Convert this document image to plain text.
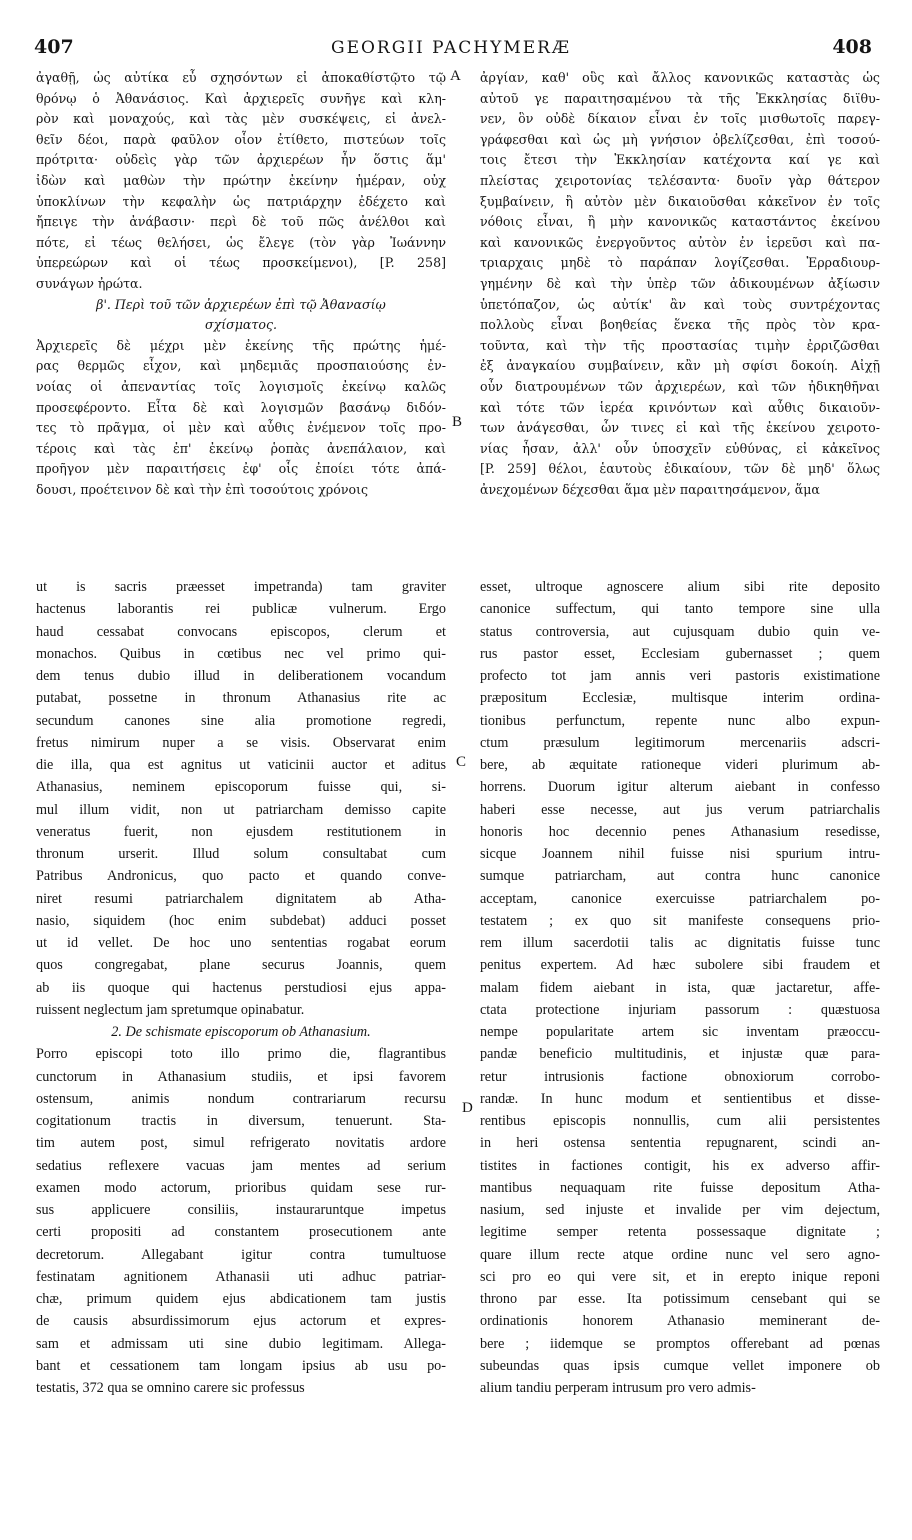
407	GEORGII PACHYMERÆ	408
ἀγαθῇ, ὡς αὐτίκα εὖ σχησόντων εἰ ἀποκαθίστῷτο τῷ
θρόνῳ ὁ Ἀθανάσιος. Καὶ ἀρχιερεῖς συνῆγε καὶ κλη-
ρὸν καὶ μοναχούς, καὶ τὰς μὲν συσκέψεις, εἰ ἀνελ-
θεῖν δέοι, παρὰ φαῦλον οἷον ἐτίθετο, πιστεύων τοῖς
πρότριτα· οὐδεὶς γὰρ τῶν ἀρχιερέων ἦν ὅστις ἅμ'
ἰδὼν καὶ μαθὼν τὴν πρώτην ἐκείνην ἡμέραν, οὐχ
ὑποκλίνων τὴν κεφαλὴν ὡς πατριάρχην ἐδέχετο καὶ
ἤπειγε τὴν ἀνάβασιν· περὶ δὲ τοῦ πῶς ἀνέλθοι καὶ
πότε, εἰ τέως θελήσει, ὡς ἔλεγε (τὸν γὰρ Ἰωάννην
ὑπερεώρων καὶ οἱ τέως προσκείμενοι), [P. 258]
συνάγων ἠρώτα.
β'. Περὶ τοῦ τῶν ἀρχιερέων ἐπὶ τῷ Ἀθανασίῳ
σχίσματος.
Ἀρχιερεῖς δὲ μέχρι μὲν ἐκείνης τῆς πρώτης ἡμέ-
ρας θερμῶς εἶχον, καὶ μηδεμιᾶς προσπαιούσης ἐν-
νοίας οἱ ἀπεναντίας τοῖς λογισμοῖς ἐκείνῳ καλῶς
προσεφέροντο. Εἶτα δὲ καὶ λογισμῶν βασάνῳ διδόν-
τες τὸ πρᾶγμα, οἱ μὲν καὶ αὖθις ἐνέμενον τοῖς προ-
τέροις καὶ τὰς ἐπ' ἐκείνῳ ῥοπὰς ἀνεπάλαιον, καὶ
προῆγον μὲν παραιτήσεις ἐφ' οἷς ἐποίει τότε ἀπά-
δουσι, προέτεινον δὲ καὶ τὴν ἐπὶ τοσούτοις χρόνοις
ἀργίαν, καθ' οὓς καὶ ἄλλος κανονικῶς καταστὰς ὡς
αὐτοῦ γε παραιτησαμένου τὰ τῆς Ἐκκλησίας διϊθυ-
νεν, ὃν οὐδὲ δίκαιον εἶναι ἐν τοῖς μισθωτοῖς παρεγ-
γράφεσθαι καὶ ὡς μὴ γνήσιον ὀβελίζεσθαι, ἐπὶ τοσού-
τοις ἔτεσι τὴν Ἐκκλησίαν κατέχοντα καί γε καὶ
πλείστας χειροτονίας τελέσαντα· δυοῖν γὰρ θάτερον
ξυμβαίνειν, ἢ αὐτὸν μὲν δικαιοῦσθαι κἀκεῖνον ἐν τοῖς
νόθοις εἶναι, ἢ μὴν κανονικῶς καταστάντος ἐκείνου
καὶ κανονικῶς ἐνεργοῦντος αὐτὸν ἐν ἱερεῦσι καὶ πα-
τριαρχαις μηδὲ τὸ παράπαν λογίζεσθαι. Ἐρραδιουρ-
γημένην δὲ καὶ τὴν ὑπὲρ τῶν ἀδικουμένων ἀξίωσιν
ὑπετόπαζον, ὡς αὐτίκ' ἂν καὶ τοὺς συντρέχοντας
πολλοὺς εἶναι βοηθείας ἕνεκα τῆς πρὸς τὸν κρα-
τοῦντα, καὶ τὴν τῆς προστασίας τιμὴν ἐρριζῶσθαι
ἐξ ἀναγκαίου συμβαίνειν, κἂν μὴ σφίσι δοκοίη. Αἰχῇ
οὖν διατρουμένων τῶν ἀρχιερέων, καὶ τῶν ἠδικηθῆναι
καὶ τότε τῶν ἱερέα κρινόντων καὶ αὖθις δικαιοῦν-
των ἀνάγεσθαι, ὧν τινες εἰ καὶ τῆς ἐκείνου χειροτο-
νίας ἦσαν, ἀλλ' οὖν ὑποσχεῖν εὐθύνας, εἰ κἀκεῖνος
[P. 259] θέλοι, ἑαυτοὺς ἐδικαίουν, τῶν δὲ μηδ' ὅλως
ἀνεχομένων δέχεσθαι ἅμα μὲν παραιτησάμενον, ἅμα
ut is sacris præesset impetranda) tam graviter
hactenus laborantis rei publicæ vulnerum. Ergo
haud cessabat convocans episcopos, clerum et
monachos. Quibus in cœtibus nec vel primo qui-
dem tenus dubio illud in deliberationem vocandum
putabat, possetne in thronum Athanasius rite ac
secundum canones sine alia promotione regredi,
fretus nimirum nuper a se visis. Observarat enim
die illa, qua est agnitus ut vaticinii auctor et aditus
Athanasius, neminem episcoporum fuisse qui, si-
mul illum vidit, non ut patriarcham demisso capite
veneratus fuerit, non ejusdem restitutionem in
thronum urserit. Illud solum consultabat cum
Patribus Andronicus, quo pacto et quando conve-
niret resumi patriarchalem dignitatem ab Atha-
nasio, siquidem (hoc enim subdebat) adduci posset
ut id vellet. De hoc uno sententias rogabat eorum
quos congregabat, plane securus Joannis, quem
ab iis quoque qui hactenus perstudiosi ejus appa-
ruissent neglectum jam spretumque opinabatur.
2. De schismate episcoporum ob Athanasium.
Porro episcopi toto illo primo die, flagrantibus
cunctorum in Athanasium studiis, et ipsi favorem
ostensum, animis nondum contrariarum recursu
cogitationum tractis in diversum, tenuerunt. Sta-
tim autem post, simul refrigerato novitatis ardore
sedatius reflexere vacuas jam mentes ad serium
examen modo actorum, prioribus quidam sese rur-
sus applicuere consiliis, instauraruntque impetus
certi propositi ad constantem prosecutionem ante
decretorum. Allegabant igitur contra tumultuose
festinatam agnitionem Athanasii uti adhuc patriar-
chæ, primum quidem ejus abdicationem tam justis
de causis absurdissimorum ejus actorum et expres-
sam et admissam uti sine dubio legitimam. Allega-
bant et cessationem tam longam ipsius ab usu po-
testatis, 372 qua se omnino carere sic professus
esset, ultroque agnoscere alium sibi rite deposito
canonice suffectum, qui tanto tempore sine ulla
status controversia, aut cujusquam dubio quin ve-
rus pastor esset, Ecclesiam gubernasset ; quem
profecto tot jam annis veri pastoris existimatione
præpositum Ecclesiæ, multisque interim ordina-
tionibus perfunctum, repente nunc albo expun-
ctum præsulum legitimorum mercenariis adscri-
bere, ab æquitate rationeque videri plurimum ab-
horrens. Duorum igitur alterum aiebant in confesso
haberi esse necesse, aut jus verum patriarchalis
honoris hoc decennio penes Athanasium resedisse,
sicque Joannem nihil fuisse nisi spurium intru-
sumque patriarcham, aut contra hunc canonice
acceptam, canonice exercuisse patriarchalem po-
testatem ; ex quo sit manifeste consequens prio-
rem illum sacerdotii talis ac dignitatis fuisse tunc
penitus expertem. Ad hæc subolere sibi fraudem et
malam fidem aiebant in ista, quæ jactaretur, affe-
ctata protectione injuriam passorum : quæstuosa
nempe popularitate artem sic inventam præoccu-
pandæ beneficio multitudinis, et injustæ quæ para-
retur intrusionis factione obnoxiorum corrobo-
randæ. In hunc modum et sentientibus et disse-
rentibus episcopis nonnullis, cum alii persistentes
in heri ostensa sententia repugnarent, scindi an-
tistites in factiones contigit, his ex adverso affir-
mantibus nequaquam rite fuisse depositum Atha-
nasium, sed injuste et invalide per vim dejectum,
legitime semper retenta possessaque dignitate ;
quare illum recte atque ordine nunc vel sero agno-
sci pro eo qui vere sit, et in erepto inique reponi
throno par esse. Ita potissimum censebant qui se
ordinationis honorem Athanasio meminerant de-
bere ; iidemque se promptos offerebant ad pœnas
subeundas quas ipsis cumque vellet imponere ob
alium tandiu perperam intrusum pro vero admis-
A
B
C
D
